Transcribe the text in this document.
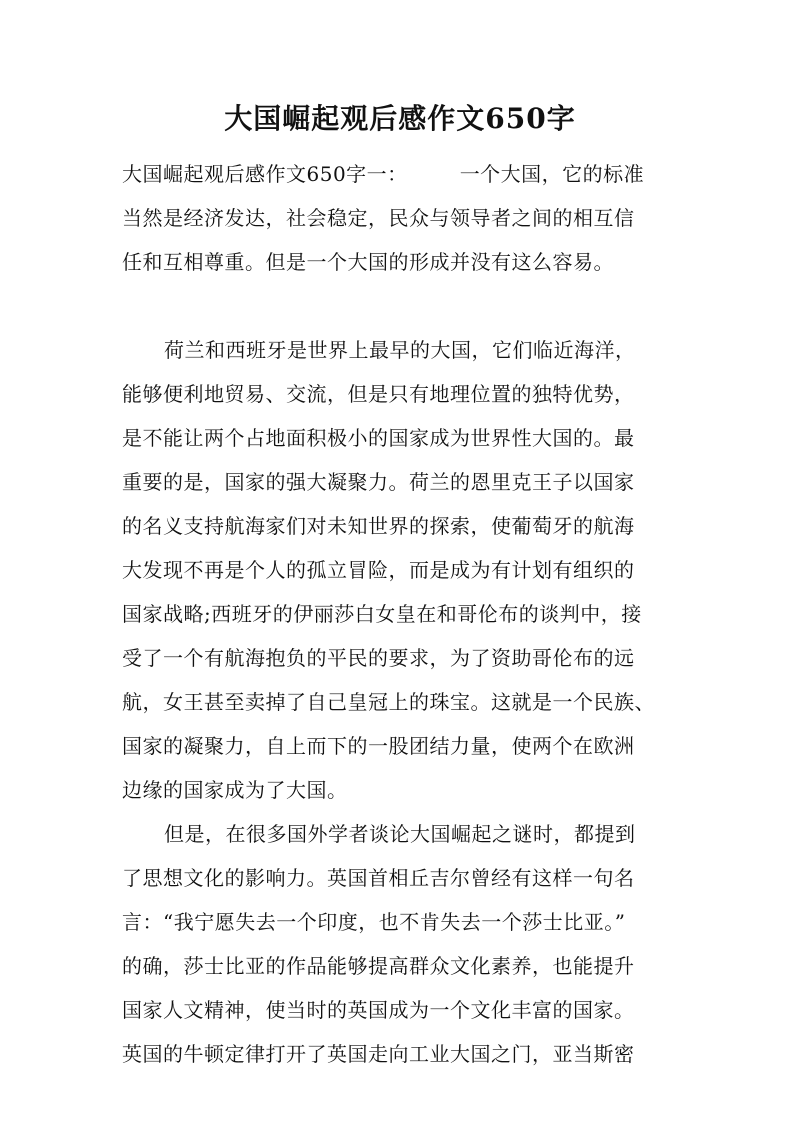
大国崛起观后感作文650字
大国崛起观后感作文650字一：	一个大国，它的标准
当然是经济发达，社会稳定，民众与领导者之间的相互信
任和互相尊重。但是一个大国的形成并没有这么容易。
荷兰和西班牙是世界上最早的大国，它们临近海洋，
能够便利地贸易、交流，但是只有地理位置的独特优势，
是不能让两个占地面积极小的国家成为世界性大国的。最
重要的是，国家的强大凝聚力。荷兰的恩里克王子以国家
的名义支持航海家们对未知世界的探索，使葡萄牙的航海
大发现不再是个人的孤立冒险，而是成为有计划有组织的
国家战略;西班牙的伊丽莎白女皇在和哥伦布的谈判中，接
受了一个有航海抱负的平民的要求，为了资助哥伦布的远
航，女王甚至卖掉了自己皇冠上的珠宝。这就是一个民族、
国家的凝聚力，自上而下的一股团结力量，使两个在欧洲
边缘的国家成为了大国。
但是，在很多国外学者谈论大国崛起之谜时，都提到
了思想文化的影响力。英国首相丘吉尔曾经有这样一句名
言：“我宁愿失去一个印度，也不肯失去一个莎士比亚。”
的确，莎士比亚的作品能够提高群众文化素养，也能提升
国家人文精神，使当时的英国成为一个文化丰富的国家。
英国的牛顿定律打开了英国走向工业大国之门，亚当斯密
